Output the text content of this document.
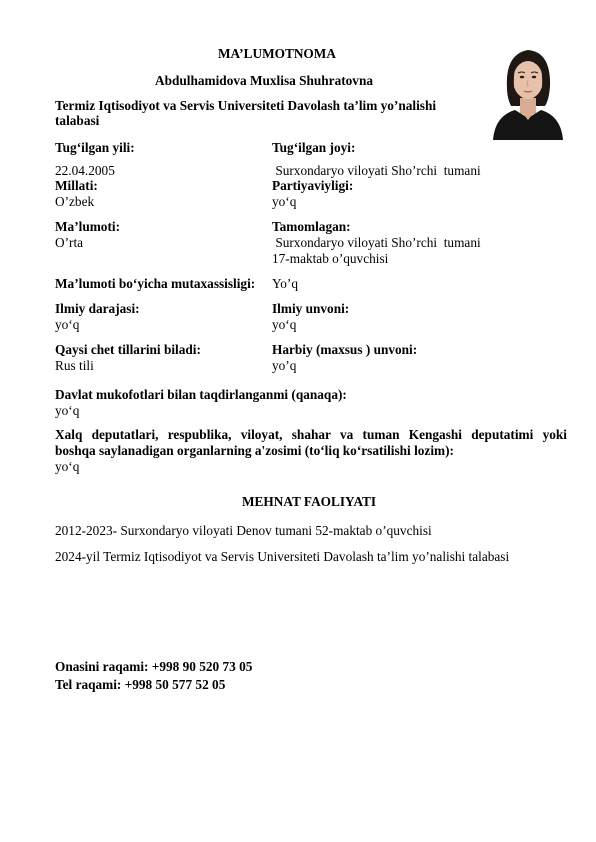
MA’LUMOTNOMA
Abdulhamidova Muxlisa Shuhratovna
Termiz Iqtisodiyot va Servis Universiteti Davolash ta’lim yo’nalishi
talabasi
Tug‘ilgan yili:	Tug‘ilgan joyi:
22.04.2005	Surxondaryo viloyati Sho’rchi  tumani
Millati:	Partiyaviyligi:
O’zbek	yo‘q
Ma’lumoti:	Tamomlagan:
O’rta	Surxondaryo viloyati Sho’rchi  tumani
17-maktab o’quvchisi
Ma’lumoti bo‘yicha mutaxassisligi: Yo’q
Ilmiy darajasi:	Ilmiy unvoni:
yo‘q	yo‘q
Qaysi chet tillarini biladi:	Harbiy (maxsus ) unvoni:
Rus tili	yo’q
Davlat mukofotlari bilan taqdirlanganmi (qanaqa):
yo‘q
Xalq deputatlari, respublika, viloyat, shahar va tuman Kengashi deputatimi yoki
boshqa saylanadigan organlarning a'zosimi (to‘liq ko‘rsatilishi lozim):
yo‘q
MEHNAT FAOLIYATI
2012-2023- Surxondaryo viloyati Denov tumani 52-maktab o’quvchisi
2024-yil Termiz Iqtisodiyot va Servis Universiteti Davolash ta’lim yo’nalishi talabasi
Onasini raqami: +998 90 520 73 05
Tel raqami: +998 50 577 52 05
